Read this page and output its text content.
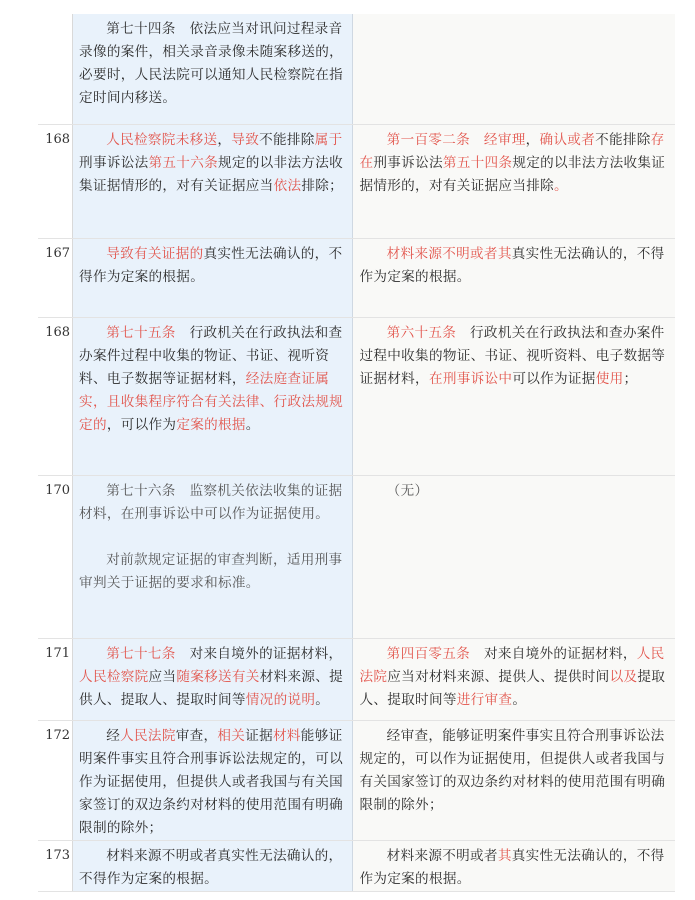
	第七十四条　依法应当对讯问过程录音录像的案件，相关录音录像未随案移送的，必要时，人民法院可以通知人民检察院在指定时间内移送。	

168	人民检察院未移送，导致不能排除属于刑事诉讼法第五十六条规定的以非法方法收集证据情形的，对有关证据应当依法排除；	第一百零二条　经审理，确认或者不能排除存在刑事诉讼法第五十四条规定的以非法方法收集证据情形的，对有关证据应当排除。

167	导致有关证据的真实性无法确认的，不得作为定案的根据。	材料来源不明或者其真实性无法确认的，不得作为定案的根据。

168	第七十五条　行政机关在行政执法和查办案件过程中收集的物证、书证、视听资料、电子数据等证据材料，经法庭查证属实，且收集程序符合有关法律、行政法规规定的，可以作为定案的根据。	第六十五条　行政机关在行政执法和查办案件过程中收集的物证、书证、视听资料、电子数据等证据材料，在刑事诉讼中可以作为证据使用；

170	第七十六条　监察机关依法收集的证据材料，在刑事诉讼中可以作为证据使用。
对前款规定证据的审查判断，适用刑事审判关于证据的要求和标准。	（无）

171	第七十七条　对来自境外的证据材料，人民检察院应当随案移送有关材料来源、提供人、提取人、提取时间等情况的说明。	第四百零五条　对来自境外的证据材料，人民法院应当对材料来源、提供人、提供时间以及提取人、提取时间等进行审查。

172	经人民法院审查，相关证据材料能够证明案件事实且符合刑事诉讼法规定的，可以作为证据使用，但提供人或者我国与有关国家签订的双边条约对材料的使用范围有明确限制的除外；	经审查，能够证明案件事实且符合刑事诉讼法规定的，可以作为证据使用，但提供人或者我国与有关国家签订的双边条约对材料的使用范围有明确限制的除外；

173	材料来源不明或者真实性无法确认的，不得作为定案的根据。	材料来源不明或者其真实性无法确认的，不得作为定案的根据。
